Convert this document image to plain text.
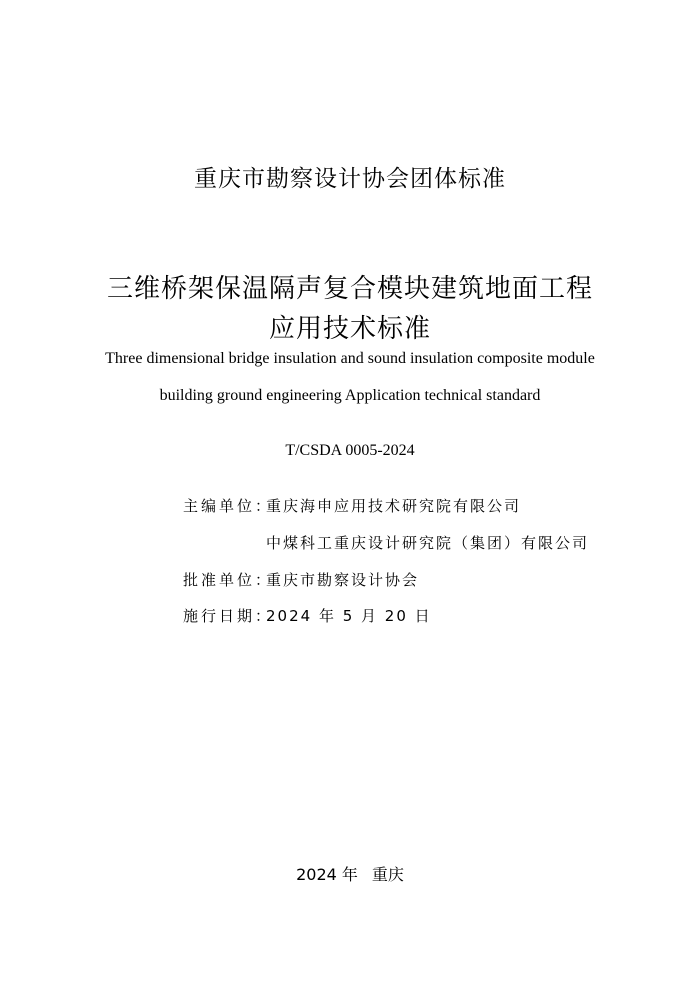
重庆市勘察设计协会团体标准
三维桥架保温隔声复合模块建筑地面工程
应用技术标准
Three dimensional bridge insulation and sound insulation composite module
building ground engineering Application technical standard
T/CSDA 0005-2024
主编单位：
重庆海申应用技术研究院有限公司
中煤科工重庆设计研究院（集团）有限公司
批准单位：
重庆市勘察设计协会
施行日期：
2024 年 5 月 20 日
2024 年 重庆
